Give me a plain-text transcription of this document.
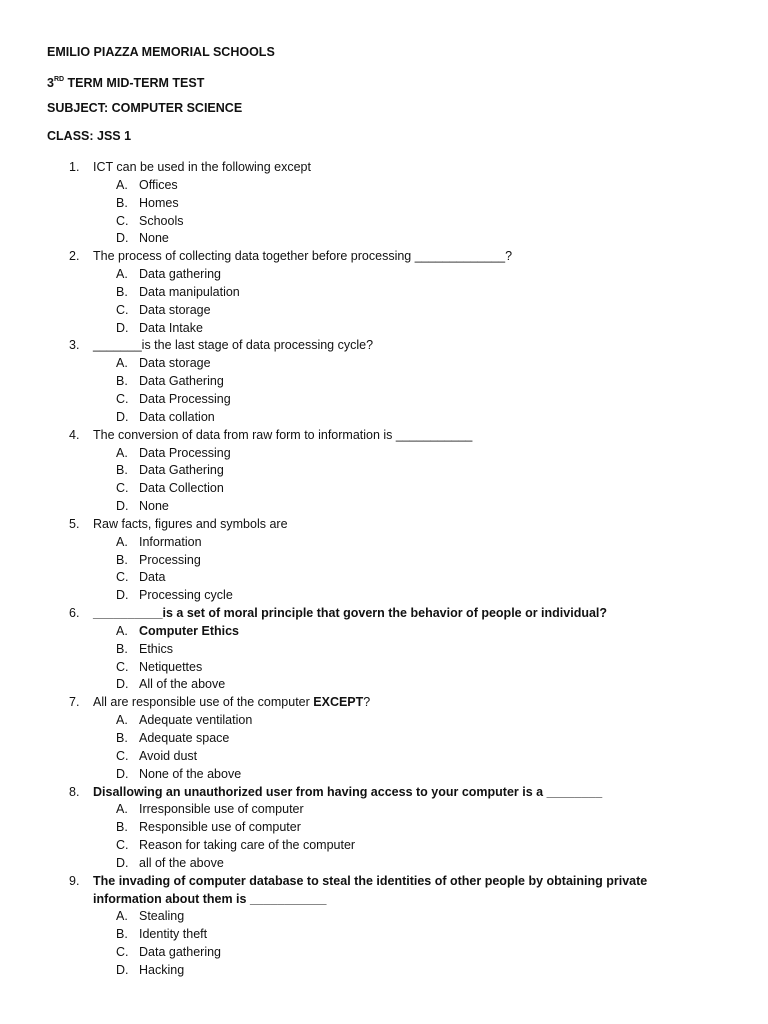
EMILIO PIAZZA MEMORIAL SCHOOLS
3RD TERM MID-TERM TEST
SUBJECT: COMPUTER SCIENCE
CLASS: JSS 1
1.	ICT can be used in the following except
A. Offices
B. Homes
C. Schools
D. None
2.	The process of collecting data together before processing _____________?
A. Data gathering
B. Data manipulation
C. Data storage
D. Data Intake
3.	_______is the last stage of data processing cycle?
A. Data storage
B. Data Gathering
C. Data Processing
D. Data collation
4.	The conversion of data from raw form to information is ___________
A. Data Processing
B. Data Gathering
C. Data Collection
D. None
5.	Raw facts, figures and symbols are
A. Information
B. Processing
C. Data
D. Processing cycle
6.	__________is a set of moral principle that govern the behavior of people or individual?
A. Computer Ethics
B. Ethics
C. Netiquettes
D. All of the above
7.	All are responsible use of the computer EXCEPT?
A. Adequate ventilation
B. Adequate space
C. Avoid dust
D. None of the above
8.	Disallowing an unauthorized user from having access to your computer is a ________
A. Irresponsible use of computer
B. Responsible use of computer
C. Reason for taking care of the computer
D. all of the above
9.	The invading of computer database to steal the identities of other people by obtaining private information about them is ___________
A. Stealing
B. Identity theft
C. Data gathering
D. Hacking
